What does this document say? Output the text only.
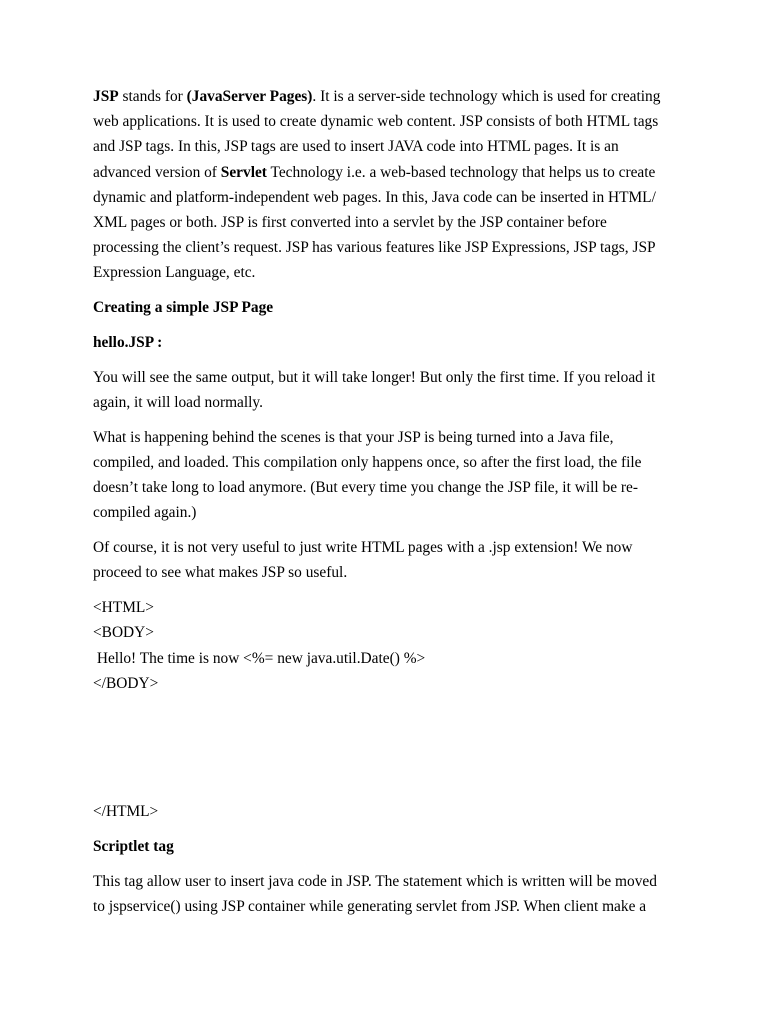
JSP stands for (JavaServer Pages). It is a server-side technology which is used for creating
web applications. It is used to create dynamic web content. JSP consists of both HTML tags
and JSP tags. In this, JSP tags are used to insert JAVA code into HTML pages. It is an
advanced version of Servlet Technology i.e. a web-based technology that helps us to create
dynamic and platform-independent web pages. In this, Java code can be inserted in HTML/
XML pages or both. JSP is first converted into a servlet by the JSP container before
processing the client’s request. JSP has various features like JSP Expressions, JSP tags, JSP
Expression Language, etc.
Creating a simple JSP Page
hello.JSP :
You will see the same output, but it will take longer! But only the first time. If you reload it
again, it will load normally.
What is happening behind the scenes is that your JSP is being turned into a Java file,
compiled, and loaded. This compilation only happens once, so after the first load, the file
doesn’t take long to load anymore. (But every time you change the JSP file, it will be re-
compiled again.)
Of course, it is not very useful to just write HTML pages with a .jsp extension! We now
proceed to see what makes JSP so useful.
<HTML>
<BODY>
Hello! The time is now <%= new java.util.Date() %>
</BODY>
</HTML>
Scriptlet tag
This tag allow user to insert java code in JSP. The statement which is written will be moved
to jspservice() using JSP container while generating servlet from JSP. When client make a
